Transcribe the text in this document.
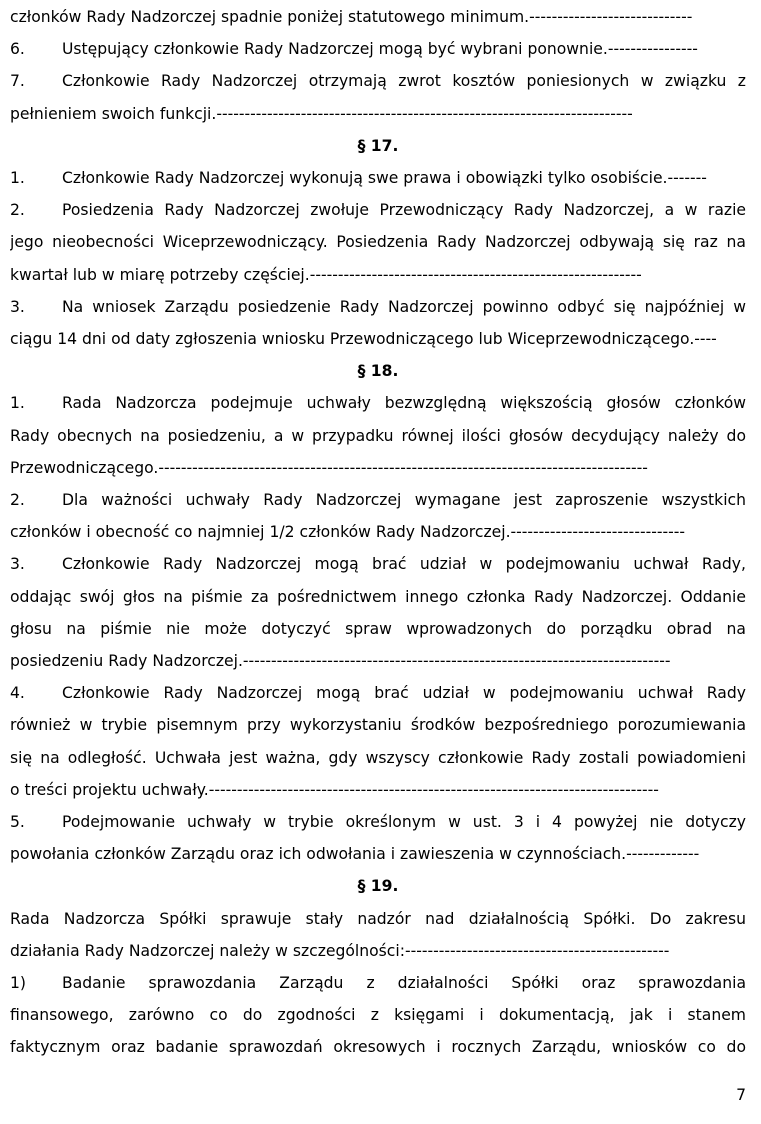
członków Rady Nadzorczej spadnie poniżej statutowego minimum.-----------------------------
6. Ustępujący członkowie Rady Nadzorczej mogą być wybrani ponownie.----------------
7. Członkowie Rady Nadzorczej otrzymają zwrot kosztów poniesionych w związku z
pełnieniem swoich funkcji.--------------------------------------------------------------------------
§ 17.
1. Członkowie Rady Nadzorczej wykonują swe prawa i obowiązki tylko osobiście.-------
2. Posiedzenia Rady Nadzorczej zwołuje Przewodniczący Rady Nadzorczej, a w razie
jego nieobecności Wiceprzewodniczący. Posiedzenia Rady Nadzorczej odbywają się raz na
kwartał lub w miarę potrzeby częściej.-----------------------------------------------------------
3. Na wniosek Zarządu posiedzenie Rady Nadzorczej powinno odbyć się najpóźniej w
ciągu 14 dni od daty zgłoszenia wniosku Przewodniczącego lub Wiceprzewodniczącego.----
§ 18.
1. Rada Nadzorcza podejmuje uchwały bezwzględną większością głosów członków
Rady obecnych na posiedzeniu, a w przypadku równej ilości głosów decydujący należy do
Przewodniczącego.---------------------------------------------------------------------------------------
2. Dla ważności uchwały Rady Nadzorczej wymagane jest zaproszenie wszystkich
członków i obecność co najmniej 1/2 członków Rady Nadzorczej.-------------------------------
3. Członkowie Rady Nadzorczej mogą brać udział w podejmowaniu uchwał Rady,
oddając swój głos na piśmie za pośrednictwem innego członka Rady Nadzorczej. Oddanie
głosu na piśmie nie może dotyczyć spraw wprowadzonych do porządku obrad na
posiedzeniu Rady Nadzorczej.----------------------------------------------------------------------------
4. Członkowie Rady Nadzorczej mogą brać udział w podejmowaniu uchwał Rady
również w trybie pisemnym przy wykorzystaniu środków bezpośredniego porozumiewania
się na odległość. Uchwała jest ważna, gdy wszyscy członkowie Rady zostali powiadomieni
o treści projektu uchwały.--------------------------------------------------------------------------------
5. Podejmowanie uchwały w trybie określonym w ust. 3 i 4 powyżej nie dotyczy
powołania członków Zarządu oraz ich odwołania i zawieszenia w czynnościach.-------------
§ 19.
Rada Nadzorcza Spółki sprawuje stały nadzór nad działalnością Spółki. Do zakresu
działania Rady Nadzorczej należy w szczególności:-----------------------------------------------
1) Badanie sprawozdania Zarządu z działalności Spółki oraz sprawozdania
finansowego, zarówno co do zgodności z księgami i dokumentacją, jak i stanem
faktycznym oraz badanie sprawozdań okresowych i rocznych Zarządu, wniosków co do
7
